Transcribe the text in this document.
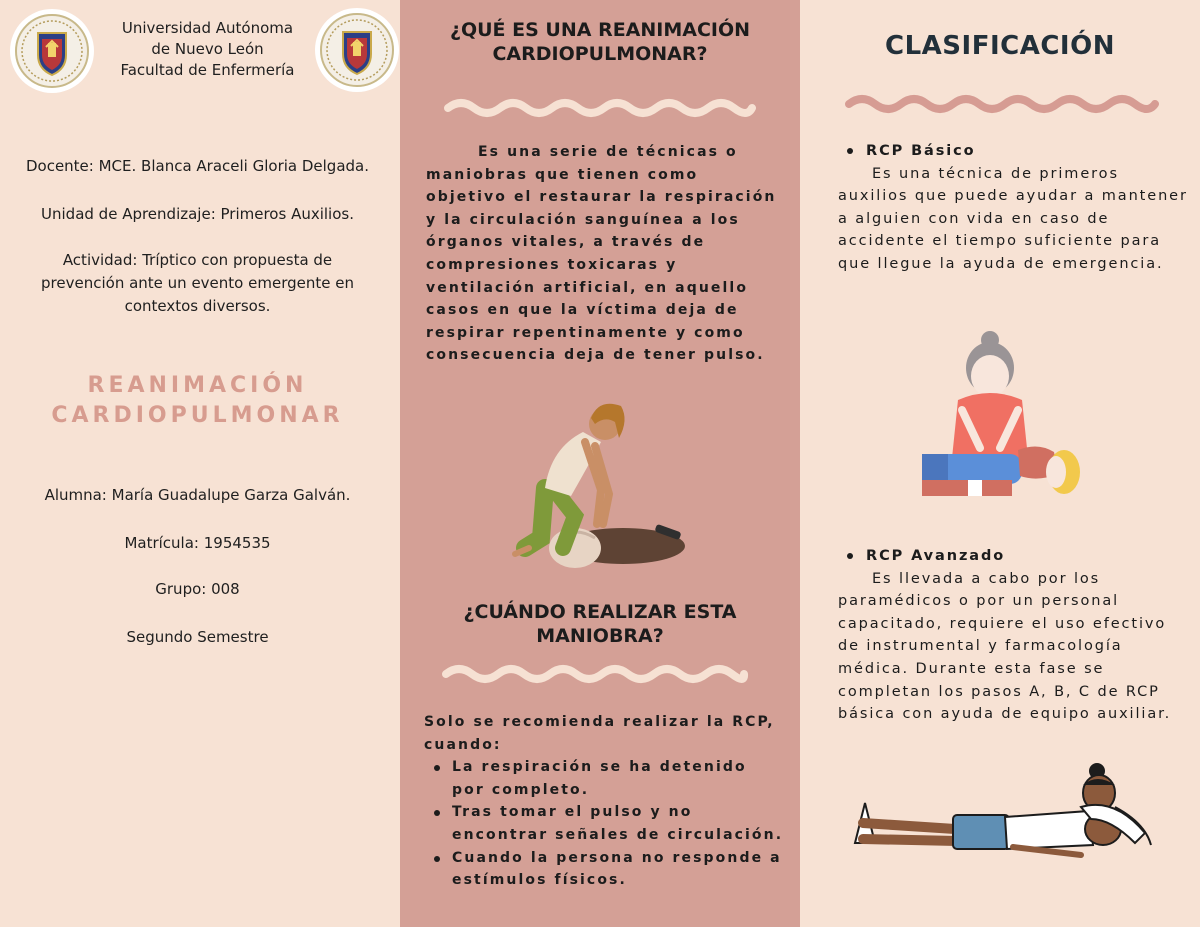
Universidad Autónoma
de Nuevo León
Facultad de Enfermería
Docente: MCE. Blanca Araceli Gloria Delgada.
Unidad de Aprendizaje: Primeros Auxilios.
Actividad: Tríptico con propuesta de prevención ante un evento emergente en contextos diversos.
REANIMACIÓN
CARDIOPULMONAR
Alumna: María Guadalupe Garza Galván.
Matrícula: 1954535
Grupo: 008
Segundo Semestre
¿QUÉ ES UNA REANIMACIÓN
CARDIOPULMONAR?
Es una serie de técnicas o maniobras que tienen como objetivo el restaurar la respiración y la circulación sanguínea a los órganos vitales, a través de compresiones toxicaras y ventilación artificial, en aquello casos en que la víctima deja de respirar repentinamente y como consecuencia deja de tener pulso.
¿CUÁNDO REALIZAR ESTA
MANIOBRA?
Solo se recomienda realizar la RCP, cuando:
La respiración se ha detenido por completo.
Tras tomar el pulso y no encontrar señales de circulación.
Cuando la persona no responde a estímulos físicos.
CLASIFICACIÓN
RCP Básico
Es una técnica de primeros auxilios que puede ayudar a mantener a alguien con vida en caso de accidente el tiempo suficiente para que llegue la ayuda de emergencia.
RCP Avanzado
Es llevada a cabo por los paramédicos o por un personal capacitado, requiere el uso efectivo de instrumental y farmacología médica. Durante esta fase se completan los pasos A, B, C de RCP básica con ayuda de equipo auxiliar.
